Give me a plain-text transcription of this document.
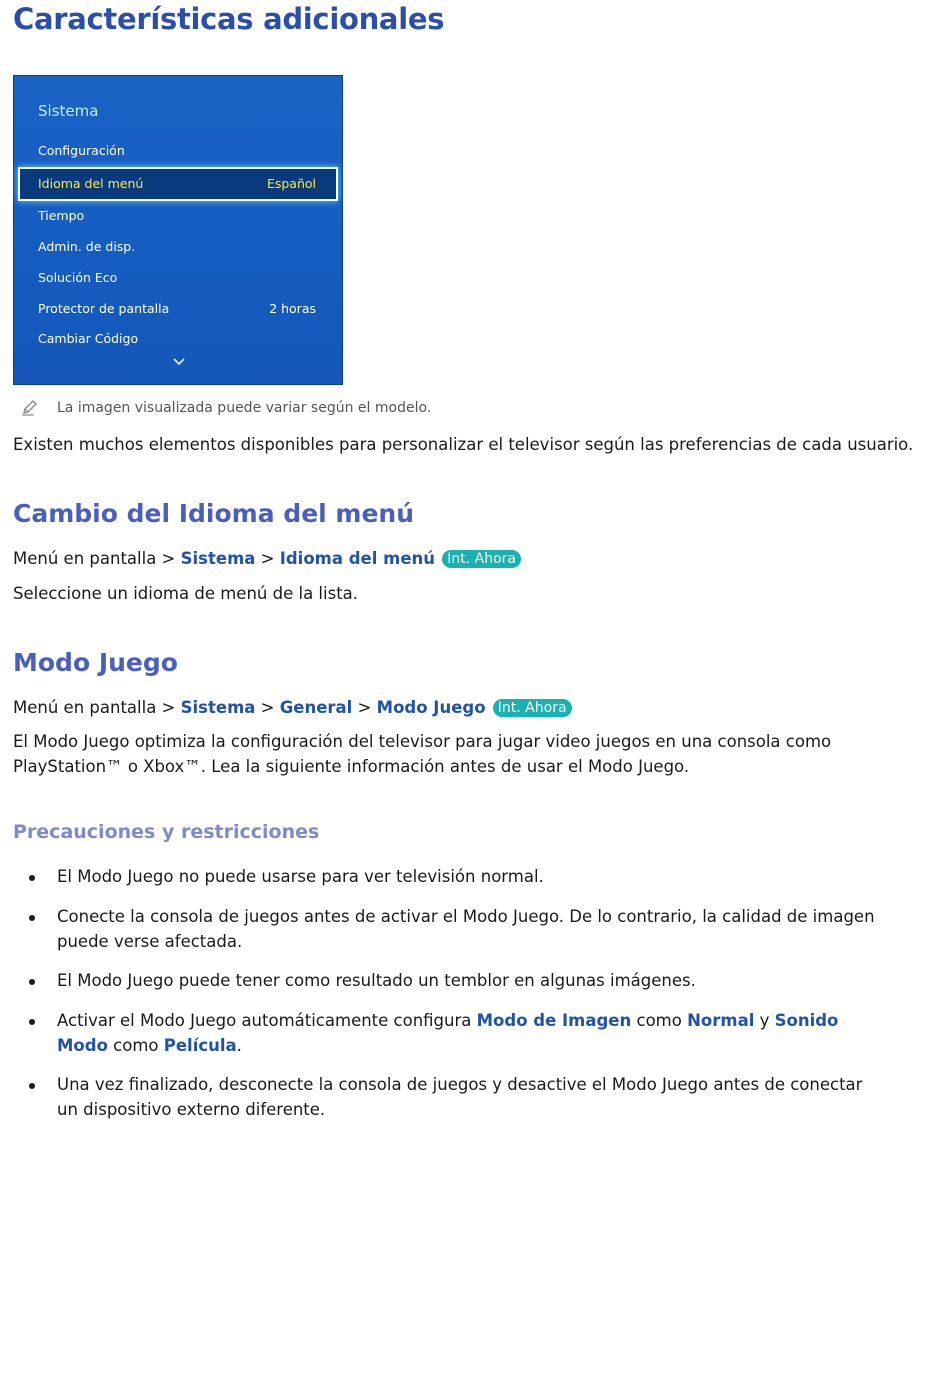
Características adicionales
Sistema
Configuración
Idioma del menú	Español
Tiempo
Admin. de disp.
Solución Eco
Protector de pantalla	2 horas
Cambiar Código
La imagen visualizada puede variar según el modelo.

Existen muchos elementos disponibles para personalizar el televisor según las preferencias de cada usuario.

Cambio del Idioma del menú
Menú en pantalla > Sistema > Idioma del menú Int. Ahora

Seleccione un idioma de menú de la lista.

Modo Juego
Menú en pantalla > Sistema > General > Modo Juego Int. Ahora

El Modo Juego optimiza la configuración del televisor para jugar video juegos en una consola como PlayStation™ o Xbox™. Lea la siguiente información antes de usar el Modo Juego.

Precauciones y restricciones
El Modo Juego no puede usarse para ver televisión normal.
Conecte la consola de juegos antes de activar el Modo Juego. De lo contrario, la calidad de imagen puede verse afectada.
El Modo Juego puede tener como resultado un temblor en algunas imágenes.
Activar el Modo Juego automáticamente configura Modo de Imagen como Normal y Sonido Modo como Película.
Una vez finalizado, desconecte la consola de juegos y desactive el Modo Juego antes de conectar un dispositivo externo diferente.
